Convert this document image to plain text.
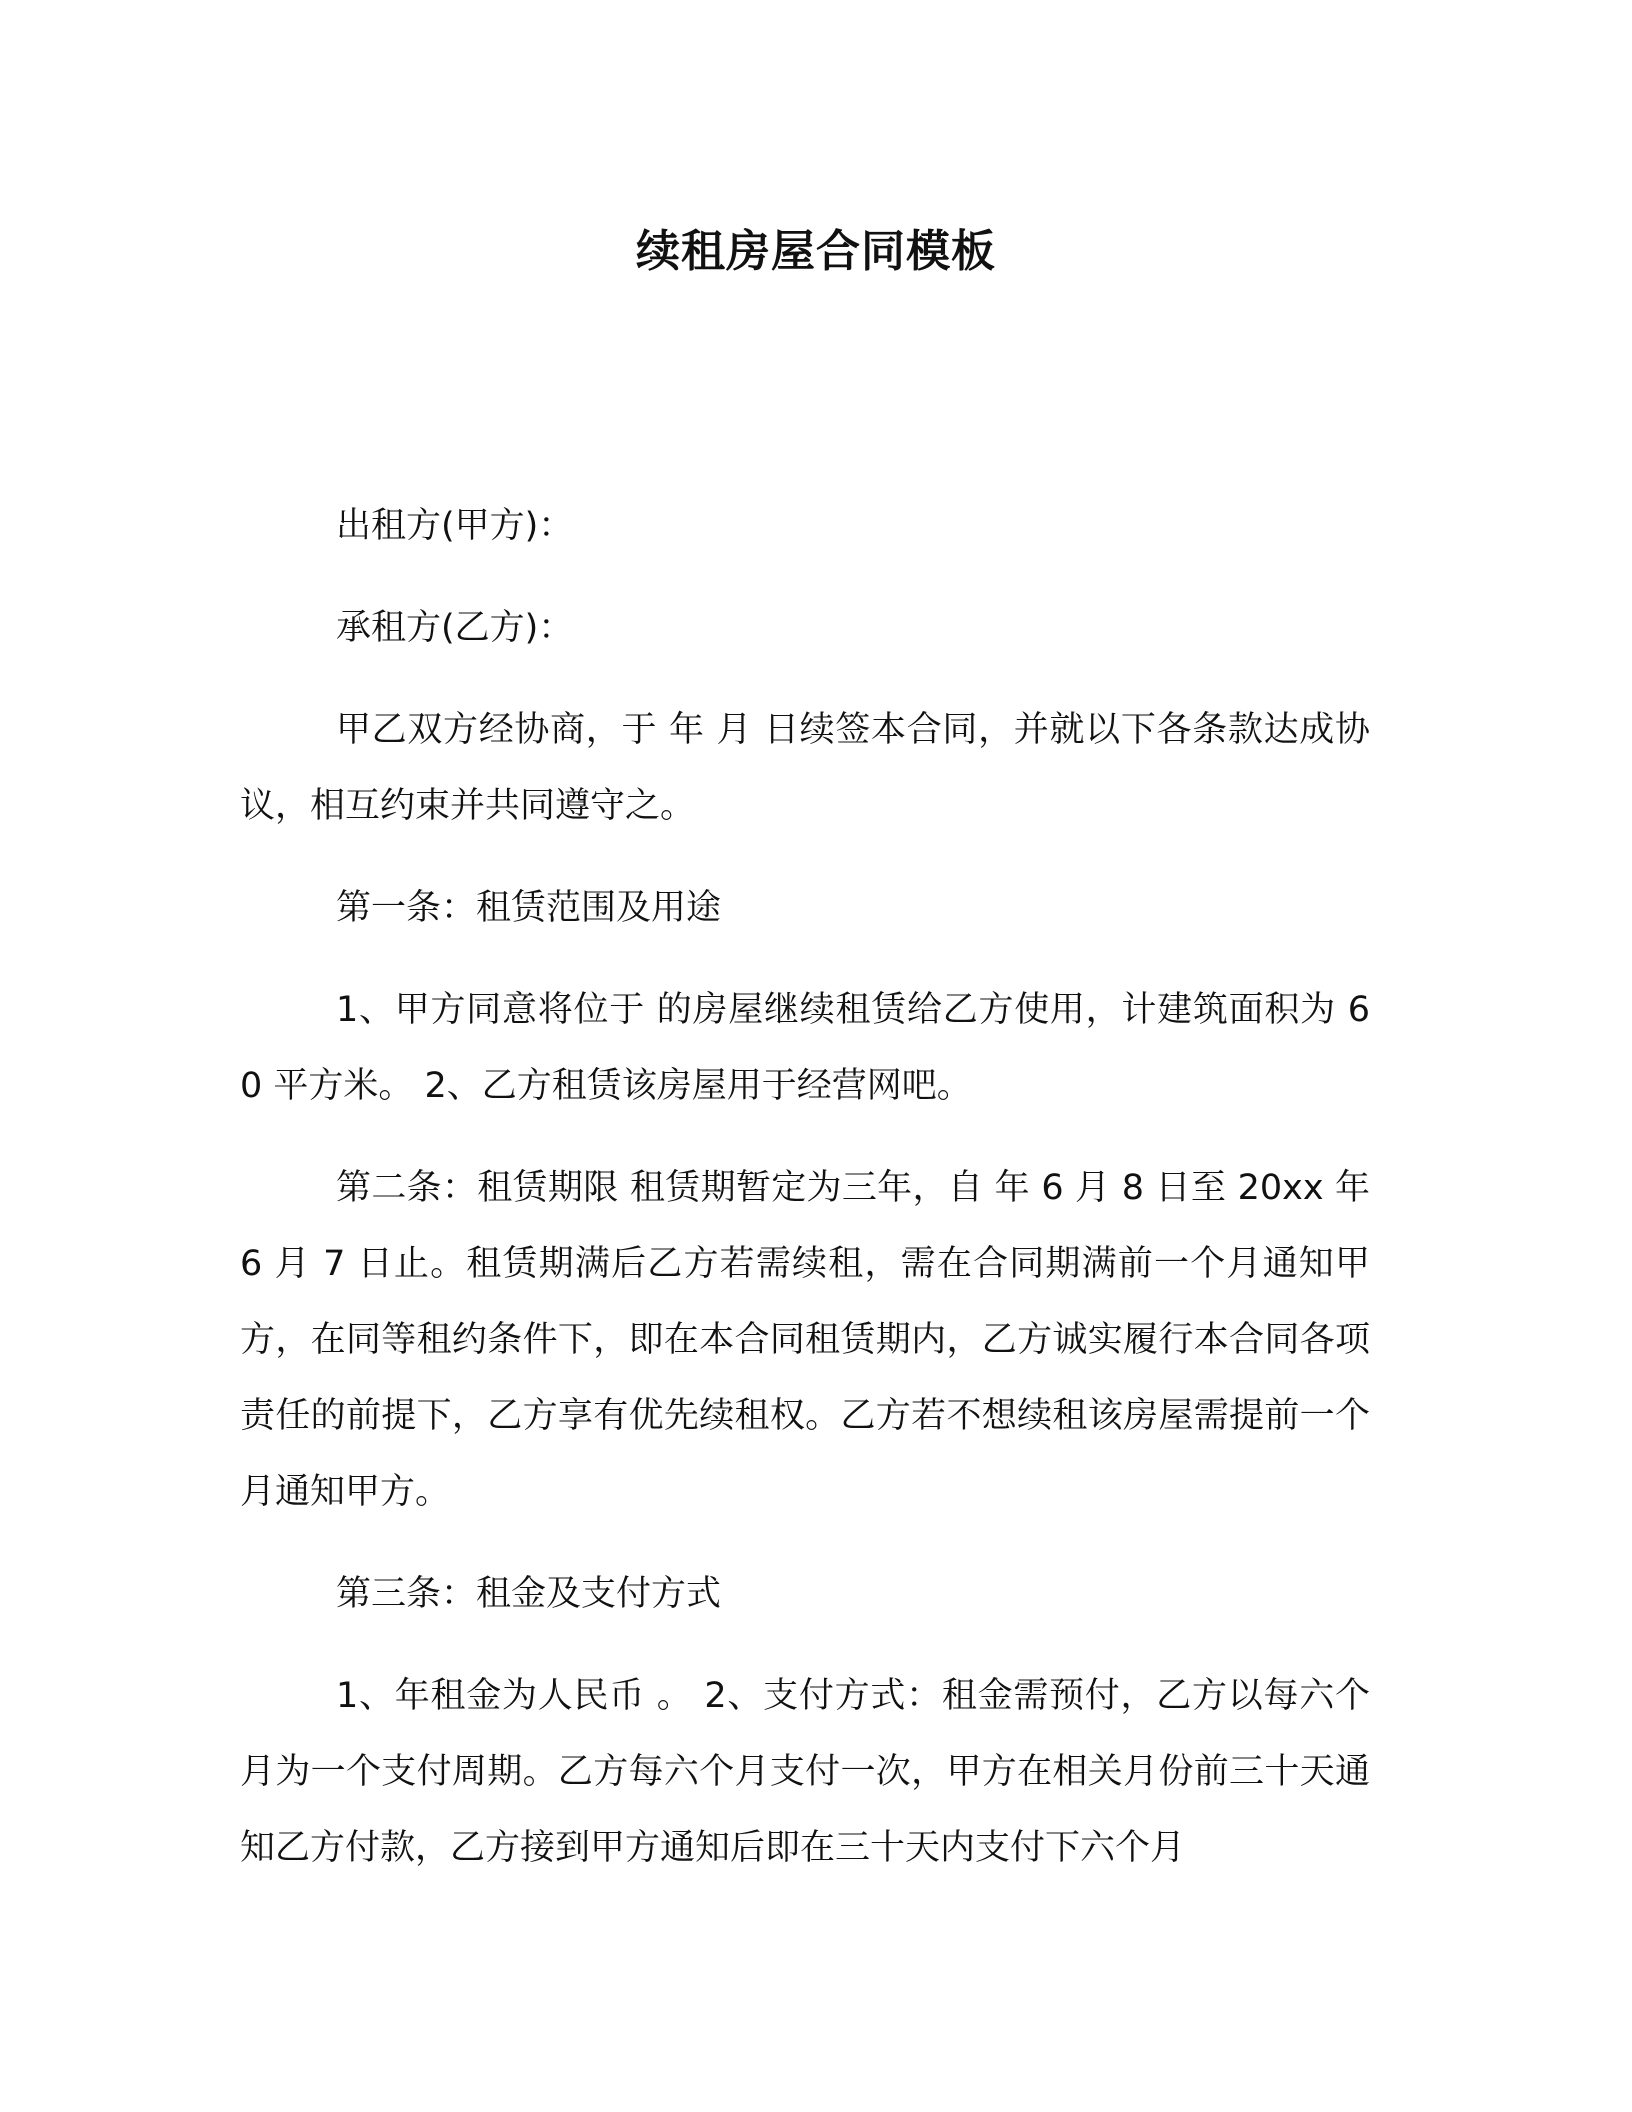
续租房屋合同模板

出租方(甲方)：

承租方(乙方)：

甲乙双方经协商，于 年 月 日续签本合同，并就以下各条款达成协议，相互约束并共同遵守之。

第一条：租赁范围及用途

1、甲方同意将位于 的房屋继续租赁给乙方使用，计建筑面积为 60 平方米。 2、乙方租赁该房屋用于经营网吧。

第二条：租赁期限 租赁期暂定为三年，自 年 6 月 8 日至 20xx 年 6 月 7 日止。租赁期满后乙方若需续租，需在合同期满前一个月通知甲方，在同等租约条件下，即在本合同租赁期内，乙方诚实履行本合同各项责任的前提下，乙方享有优先续租权。乙方若不想续租该房屋需提前一个月通知甲方。

第三条：租金及支付方式

1、年租金为人民币 。 2、支付方式：租金需预付，乙方以每六个月为一个支付周期。乙方每六个月支付一次，甲方在相关月份前三十天通知乙方付款，乙方接到甲方通知后即在三十天内支付下六个月
